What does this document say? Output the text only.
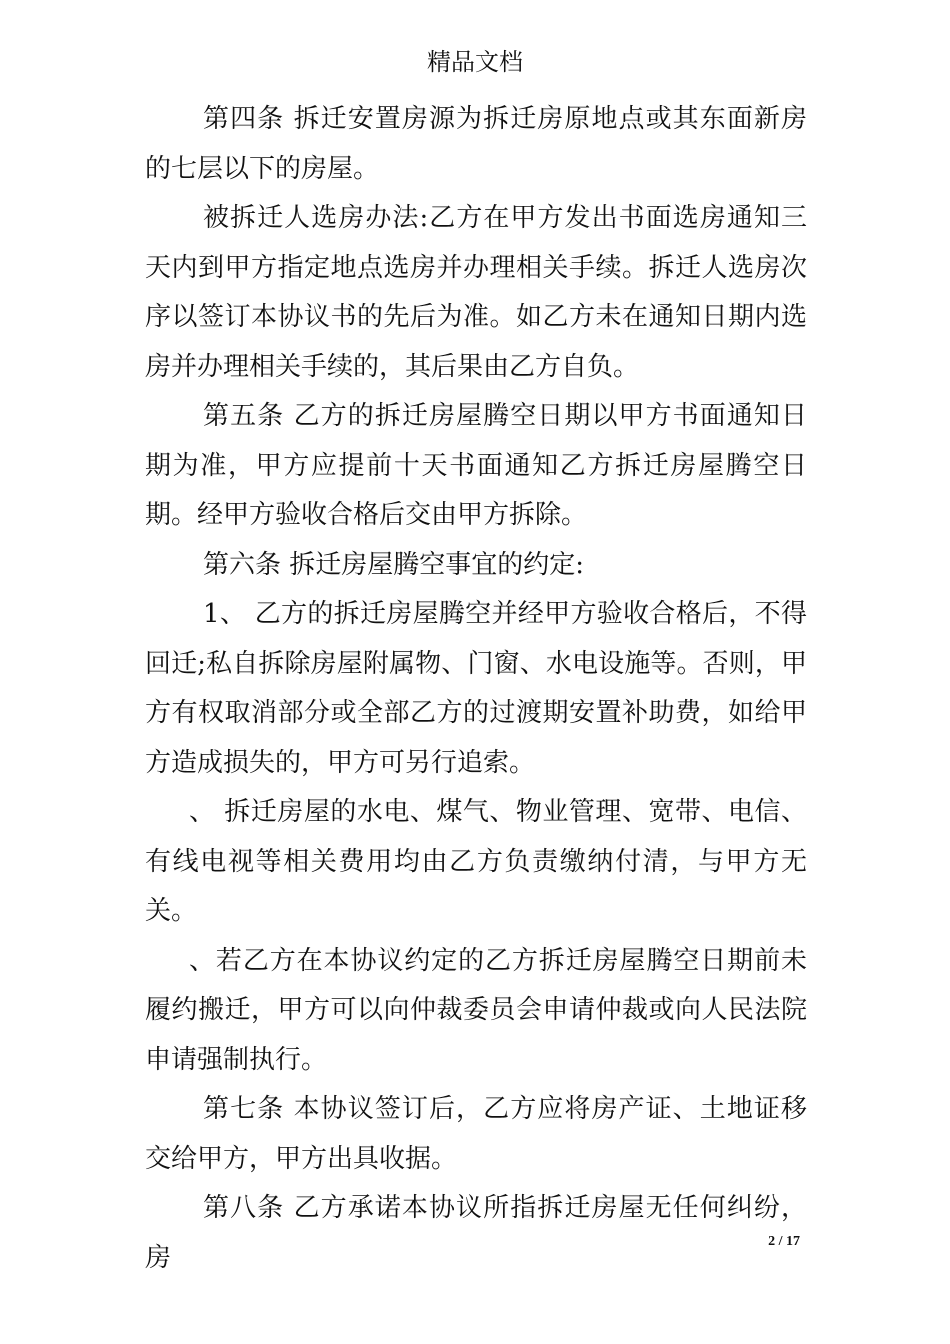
精品文档

第四条 拆迁安置房源为拆迁房原地点或其东面新房的七层以下的房屋。

被拆迁人选房办法:乙方在甲方发出书面选房通知三天内到甲方指定地点选房并办理相关手续。拆迁人选房次序以签订本协议书的先后为准。如乙方未在通知日期内选房并办理相关手续的，其后果由乙方自负。

第五条 乙方的拆迁房屋腾空日期以甲方书面通知日期为准，甲方应提前十天书面通知乙方拆迁房屋腾空日期。经甲方验收合格后交由甲方拆除。

第六条 拆迁房屋腾空事宜的约定:

1、 乙方的拆迁房屋腾空并经甲方验收合格后，不得回迁;私自拆除房屋附属物、门窗、水电设施等。否则，甲方有权取消部分或全部乙方的过渡期安置补助费，如给甲方造成损失的，甲方可另行追索。

、 拆迁房屋的水电、煤气、物业管理、宽带、电信、有线电视等相关费用均由乙方负责缴纳付清，与甲方无关。

、若乙方在本协议约定的乙方拆迁房屋腾空日期前未履约搬迁，甲方可以向仲裁委员会申请仲裁或向人民法院申请强制执行。

第七条 本协议签订后，乙方应将房产证、土地证移交给甲方，甲方出具收据。

第八条 乙方承诺本协议所指拆迁房屋无任何纠纷，房

2 / 17
